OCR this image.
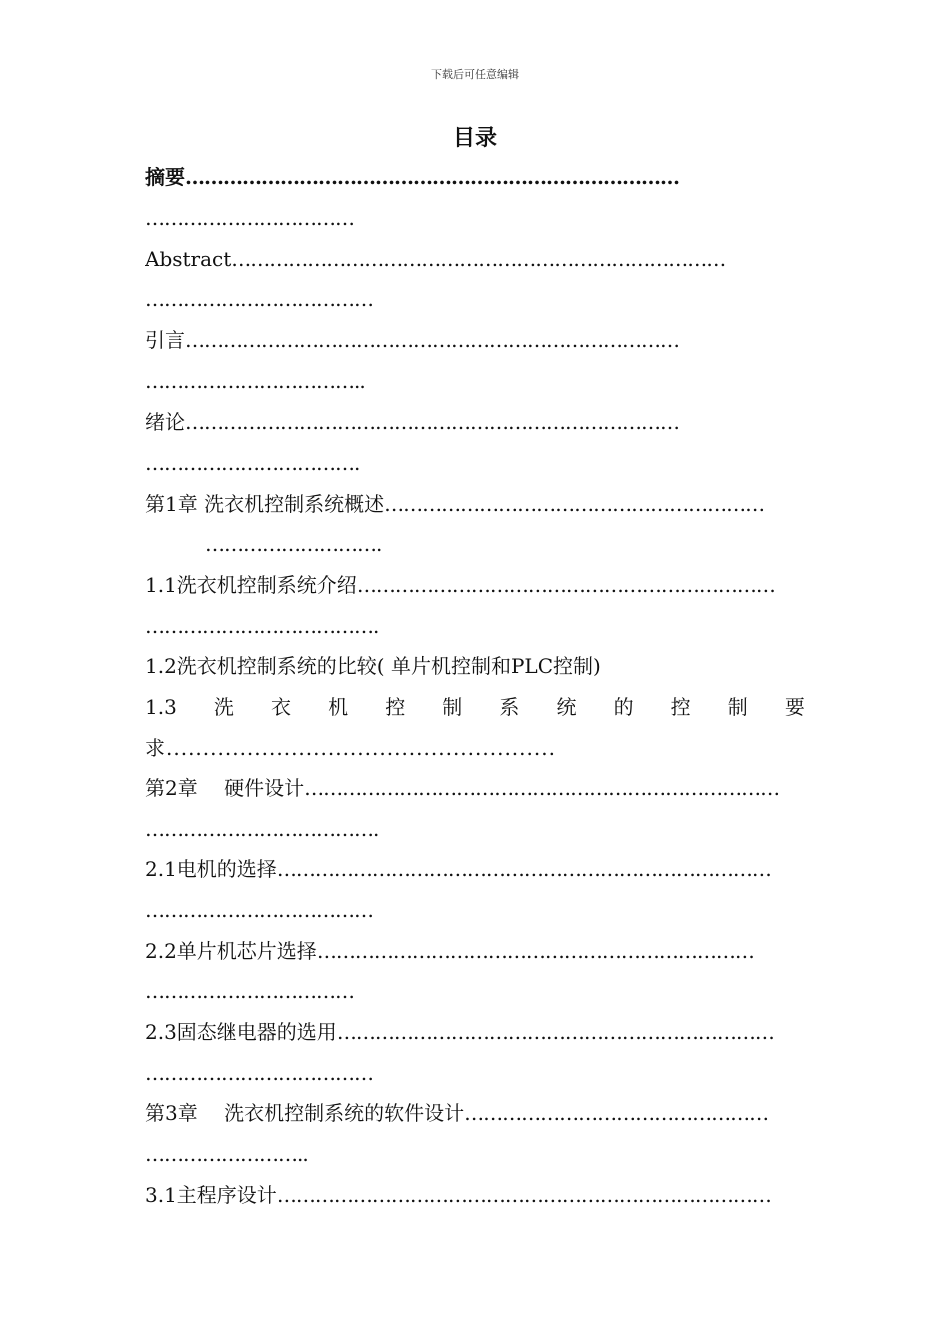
下载后可任意编辑
目录
摘要……………………………………………………………………
……………………………
Abstract……………………………………………………………………
………………………………
引言……………………………………………………………………
……………………………..
绪论……………………………………………………………………
…………………………….
第1章 洗衣机控制系统概述……………………………………………………
……………………….
1.1洗衣机控制系统介绍…………………………………………………………
……………………………….
1.2洗衣机控制系统的比较( 单片机控制和PLC控制)
1.3 洗 衣 机 控 制 系 统 的 控 制 要
求.....................................................
第2章　 硬件设计…………………………………………………………………
……………………………….
2.1电机的选择……………………………………………………………………
………………………………
2.2单片机芯片选择……………………………………………………………
……………………………
2.3固态继电器的选用……………………………………………………………
………………………………
第3章　 洗衣机控制系统的软件设计…………………………………………
……………………..
3.1主程序设计……………………………………………………………………
